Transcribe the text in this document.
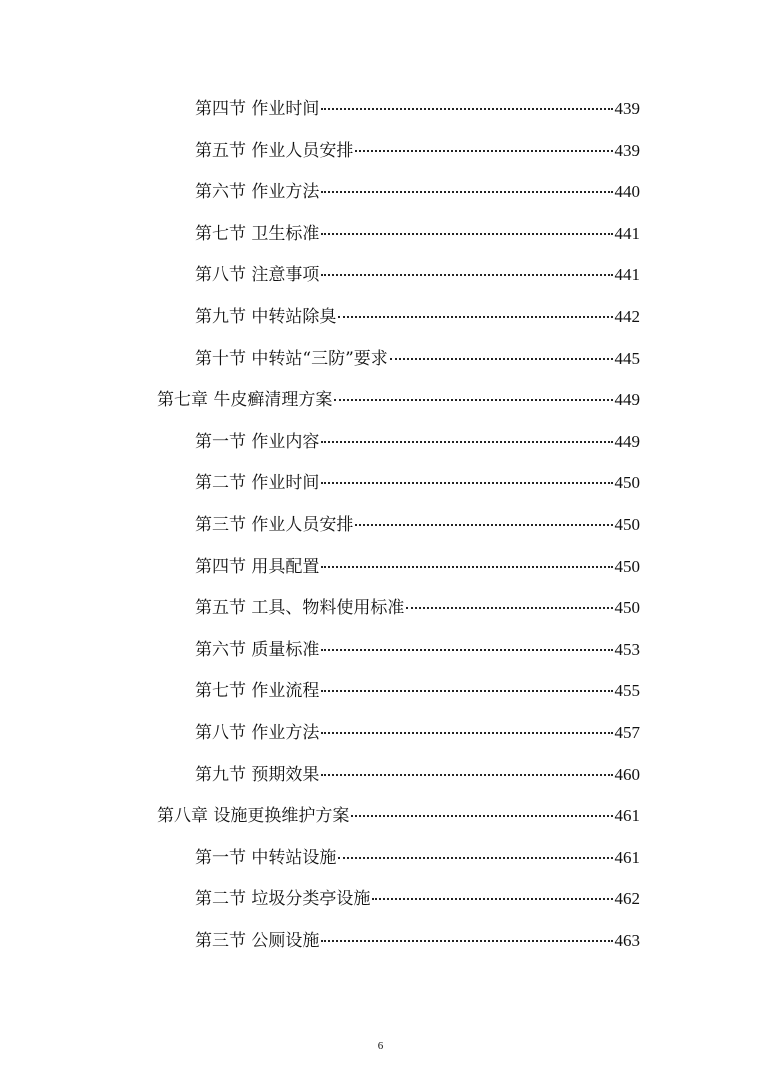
第四节 作业时间	439
第五节 作业人员安排	439
第六节 作业方法	440
第七节 卫生标准	441
第八节 注意事项	441
第九节 中转站除臭	442
第十节 中转站“三防”要求	445
第七章 牛皮癣清理方案	449
第一节 作业内容	449
第二节 作业时间	450
第三节 作业人员安排	450
第四节 用具配置	450
第五节 工具、物料使用标准	450
第六节 质量标准	453
第七节 作业流程	455
第八节 作业方法	457
第九节 预期效果	460
第八章 设施更换维护方案	461
第一节 中转站设施	461
第二节 垃圾分类亭设施	462
第三节 公厕设施	463
6
